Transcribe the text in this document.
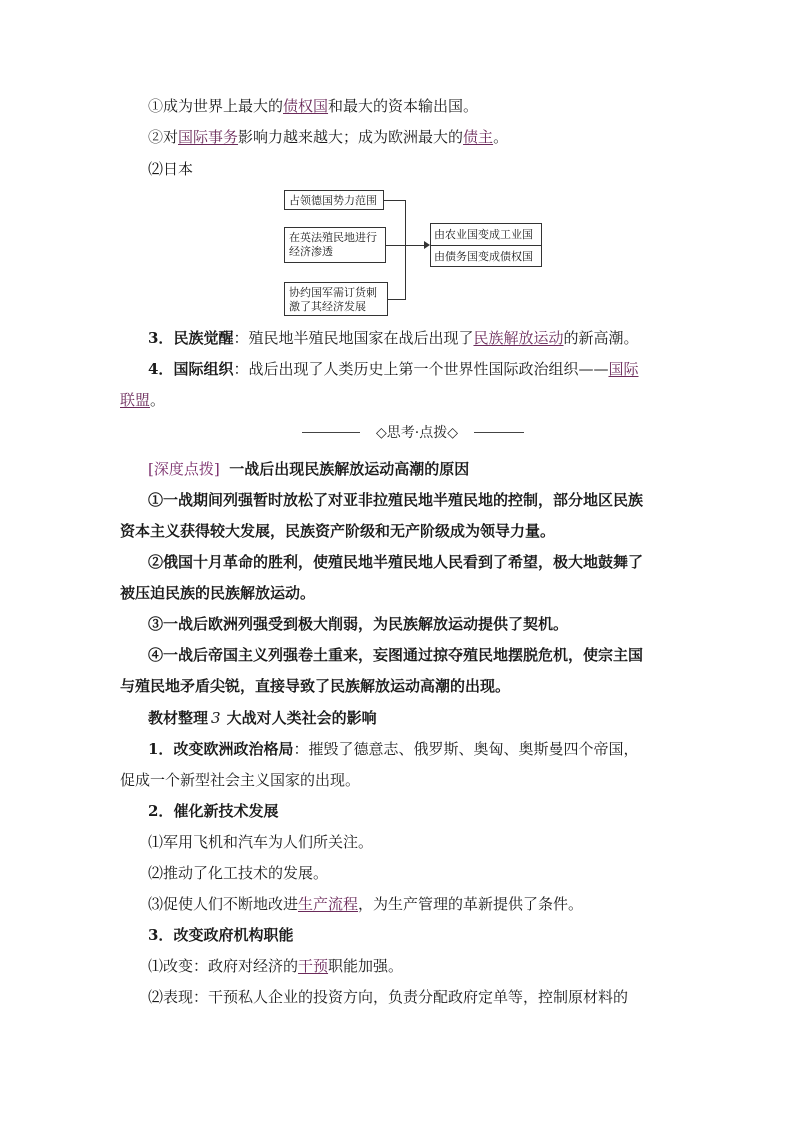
①成为世界上最大的债权国和最大的资本输出国。
②对国际事务影响力越来越大；成为欧洲最大的债主。
⑵日本
占领德国势力范围
在英法殖民地进行经济渗透
协约国军需订货刺激了其经济发展
由农业国变成工业国
由债务国变成债权国
3．民族觉醒：殖民地半殖民地国家在战后出现了民族解放运动的新高潮。
4．国际组织：战后出现了人类历史上第一个世界性国际政治组织——国际
联盟。
◇思考·点拨◇
[深度点拨] 一战后出现民族解放运动高潮的原因
①一战期间列强暂时放松了对亚非拉殖民地半殖民地的控制，部分地区民族
资本主义获得较大发展，民族资产阶级和无产阶级成为领导力量。
②俄国十月革命的胜利，使殖民地半殖民地人民看到了希望，极大地鼓舞了
被压迫民族的民族解放运动。
③一战后欧洲列强受到极大削弱，为民族解放运动提供了契机。
④一战后帝国主义列强卷土重来，妄图通过掠夺殖民地摆脱危机，使宗主国
与殖民地矛盾尖锐，直接导致了民族解放运动高潮的出现。
教材整理 3 大战对人类社会的影响
1．改变欧洲政治格局：摧毁了德意志、俄罗斯、奥匈、奥斯曼四个帝国，
促成一个新型社会主义国家的出现。
2．催化新技术发展
⑴军用飞机和汽车为人们所关注。
⑵推动了化工技术的发展。
⑶促使人们不断地改进生产流程，为生产管理的革新提供了条件。
3．改变政府机构职能
⑴改变：政府对经济的干预职能加强。
⑵表现：干预私人企业的投资方向，负责分配政府定单等，控制原材料的
